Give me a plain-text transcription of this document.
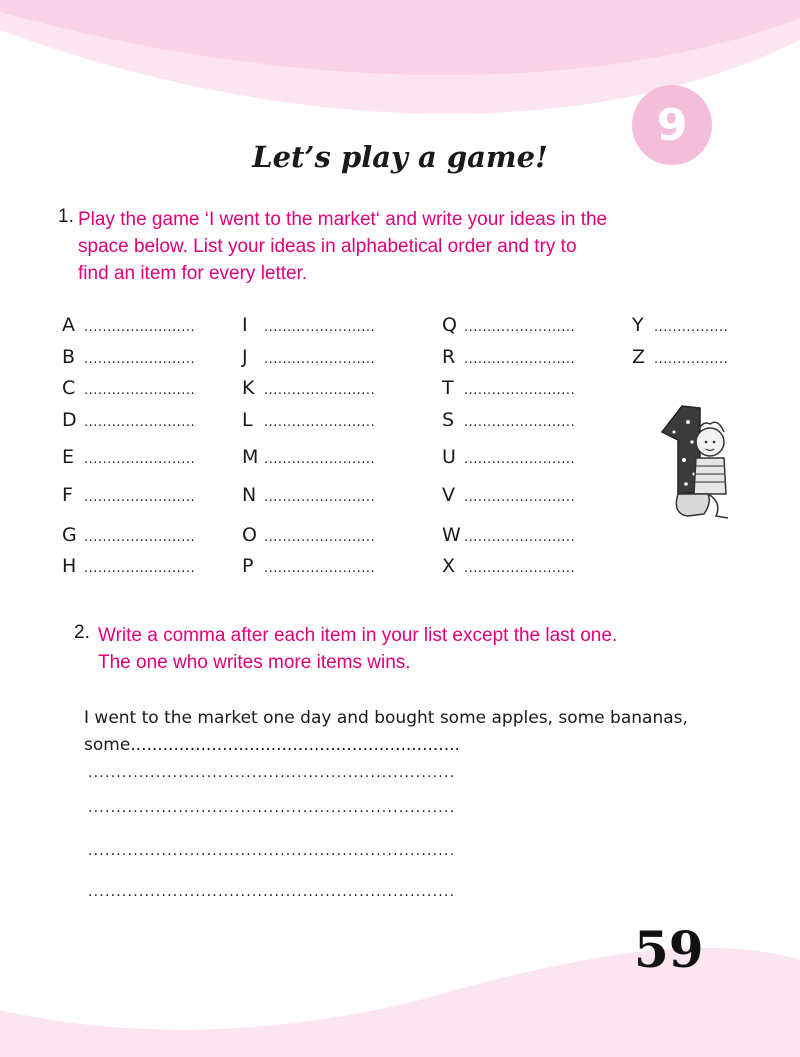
9
Let’s play a game!
1. Play the game ‘I went to the market‘ and write your ideas in the
space below. List your ideas in alphabetical order and try to
find an item for every letter.
A ........................
B ........................
C ........................
D ........................
E ........................
F ........................
G ........................
H ........................
I ........................
J ........................
K ........................
L ........................
M ........................
N ........................
O ........................
P ........................
Q ........................
R ........................
T ........................
S ........................
U ........................
V ........................
W ........................
X ........................
Y ................
Z ................
2. Write a comma after each item in your list except the last one.
The one who writes more items wins.
I went to the market one day and bought some apples, some bananas,
some.............................................................
.................................................................
.................................................................
.................................................................
.................................................................
59
